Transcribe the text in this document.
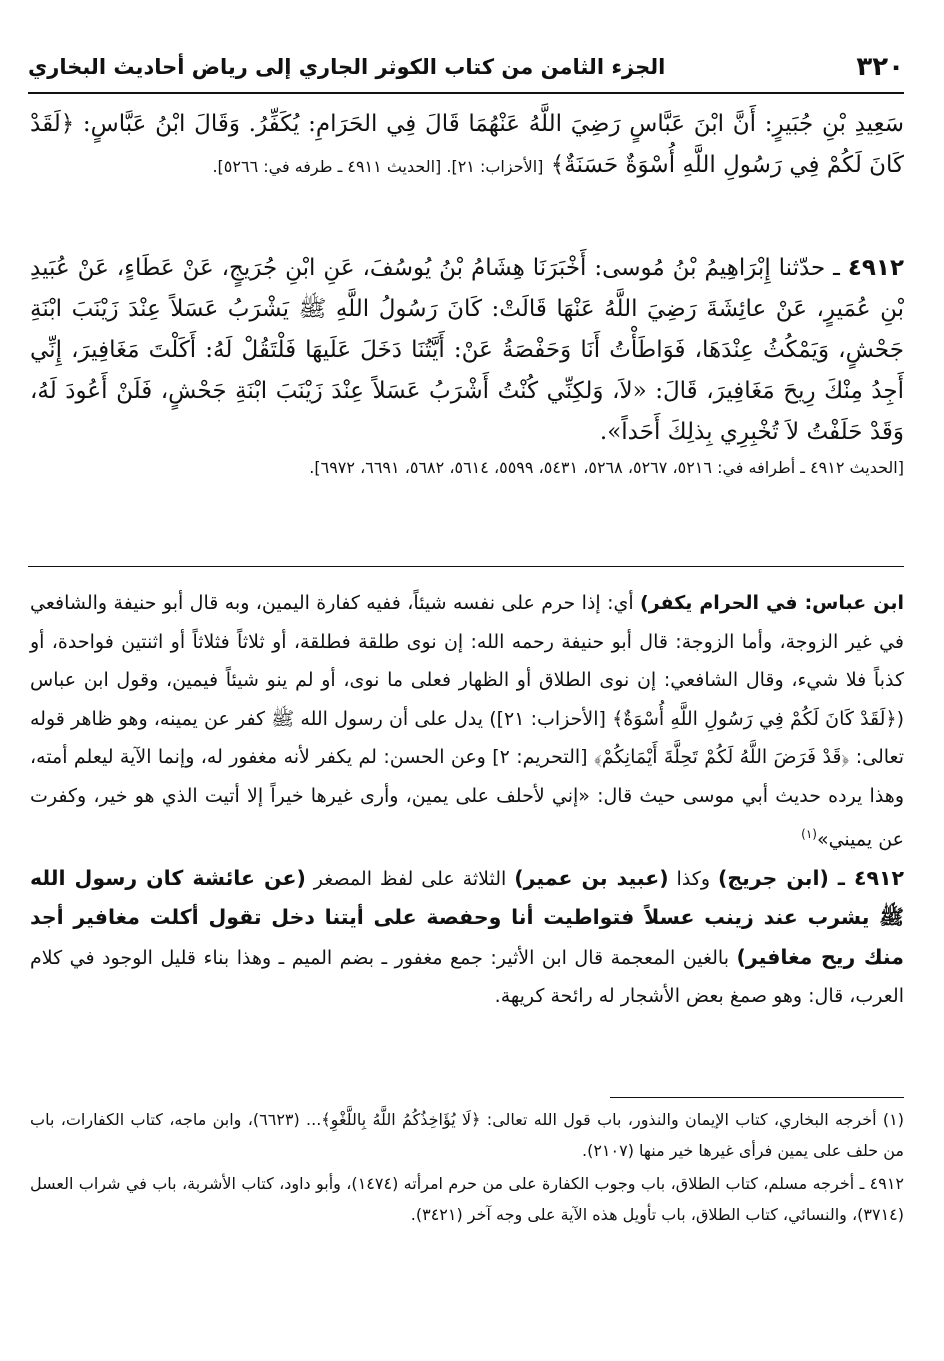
٣٢٠
الجزء الثامن من كتاب الكوثر الجاري إلى رياض أحاديث البخاري
سَعِيدِ بْنِ جُبَيرٍ: أَنَّ ابْنَ عَبَّاسٍ رَضِيَ اللَّهُ عَنْهُمَا قَالَ فِي الحَرَامِ: يُكَفِّرُ. وَقَالَ ابْنُ عَبَّاسٍ: ﴿لَقَدْ كَانَ لَكُمْ فِي رَسُولِ اللَّهِ أُسْوَةٌ حَسَنَةٌ﴾ [الأحزاب: ٢١]. [الحديث ٤٩١١ ـ طرفه في: ٥٢٦٦].
٤٩١٢ ـ حدّثنا إِبْرَاهِيمُ بْنُ مُوسى: أَخْبَرَنَا هِشَامُ بْنُ يُوسُفَ، عَنِ ابْنِ جُرَيجٍ، عَنْ عَطَاءٍ، عَنْ عُبَيدِ بْنِ عُمَيرٍ، عَنْ عائِشَةَ رَضِيَ اللَّهُ عَنْهَا قَالَتْ: كَانَ رَسُولُ اللَّهِ ﷺ يَشْرَبُ عَسَلاً عِنْدَ زَيْنَبَ ابْنَةِ جَحْشٍ، وَيَمْكُثُ عِنْدَهَا، فَوَاطَأْتُ أَنَا وَحَفْصَةُ عَنْ: أَيَّتُنَا دَخَلَ عَلَيهَا فَلْتَقُلْ لَهُ: أَكَلْتَ مَغَافِيرَ، إِنِّي أَجِدُ مِنْكَ رِيحَ مَغَافِيرَ، قَالَ: «لاَ، وَلكِنِّي كُنْتُ أَشْرَبُ عَسَلاً عِنْدَ زَيْنَبَ ابْنَةِ جَحْشٍ، فَلَنْ أَعُودَ لَهُ، وَقَدْ حَلَفْتُ لاَ تُخْبِرِي بِذلِكَ أَحَداً».
[الحديث ٤٩١٢ ـ أطرافه في: ٥٢١٦، ٥٢٦٧، ٥٢٦٨، ٥٤٣١، ٥٥٩٩، ٥٦١٤، ٥٦٨٢، ٦٦٩١، ٦٩٧٢].

ابن عباس: في الحرام يكفر) أي: إذا حرم على نفسه شيئاً، ففيه كفارة اليمين، وبه قال أبو حنيفة والشافعي في غير الزوجة، وأما الزوجة: قال أبو حنيفة رحمه الله: إن نوى طلقة فطلقة، أو ثلاثاً فثلاثاً أو اثنتين فواحدة، أو كذباً فلا شيء، وقال الشافعي: إن نوى الطلاق أو الظهار فعلى ما نوى، أو لم ينو شيئاً فيمين، وقول ابن عباس (﴿لَقَدْ كَانَ لَكُمْ فِي رَسُولِ اللَّهِ أُسْوَةٌ﴾ [الأحزاب: ٢١]) يدل على أن رسول الله ﷺ كفر عن يمينه، وهو ظاهر قوله تعالى: ﴿قَدْ فَرَضَ اللَّهُ لَكُمْ تَحِلَّةَ أَيْمَانِكُمْ﴾ [التحريم: ٢] وعن الحسن: لم يكفر لأنه مغفور له، وإنما الآية ليعلم أمته، وهذا يرده حديث أبي موسى حيث قال: «إني لأحلف على يمين، وأرى غيرها خيراً إلا أتيت الذي هو خير، وكفرت عن يميني»$^{(١)}$

٤٩١٢ ـ (ابن جريج) وكذا (عبيد بن عمير) الثلاثة على لفظ المصغر (عن عائشة كان رسول الله ﷺ يشرب عند زينب عسلاً فتواطيت أنا وحفصة على أيتنا دخل تقول أكلت مغافير أجد منك ريح مغافير) بالغين المعجمة قال ابن الأثير: جمع مغفور ـ بضم الميم ـ وهذا بناء قليل الوجود في كلام العرب، قال: وهو صمغ بعض الأشجار له رائحة كريهة.

(١) أخرجه البخاري، كتاب الإيمان والنذور، باب قول الله تعالى: ﴿لَا يُؤَاخِذُكُمُ اللَّهُ بِاللَّغْوِ﴾... (٦٦٢٣)، وابن ماجه، كتاب الكفارات، باب من حلف على يمين فرأى غيرها خير منها (٢١٠٧).

٤٩١٢ ـ أخرجه مسلم، كتاب الطلاق، باب وجوب الكفارة على من حرم امرأته (١٤٧٤)، وأبو داود، كتاب الأشربة، باب في شراب العسل (٣٧١٤)، والنسائي، كتاب الطلاق، باب تأويل هذه الآية على وجه آخر (٣٤٢١).
